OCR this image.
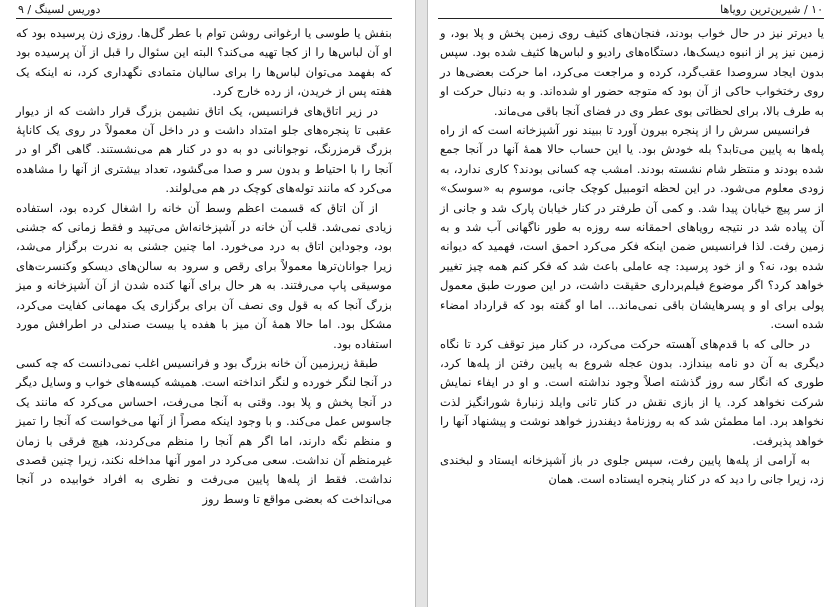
دوریس لسینگ / ۹

بنفش یا طوسی یا ارغوانی روشن توام با عطر گل‌ها. روزی زن پرسیده بود که او آن لباس‌ها را از کجا تهیه می‌کند؟ البته این سئوال را قبل از آن پرسیده بود که بفهمد می‌توان لباس‌ها را برای سالیان متمادی نگهداری کرد، نه اینکه یک هفته پس از خریدن، از رده خارج کرد.

در زیر اتاق‌های فرانسیس، یک اتاق نشیمن بزرگ قرار داشت که از دیوار عقبی تا پنجره‌های جلو امتداد داشت و در داخل آن معمولاً در روی یک کاناپهٔ بزرگ قرمزرنگ، نوجوانانی دو به دو در کنار هم می‌نشستند. گاهی اگر او در آنجا را با احتیاط و بدون سر و صدا می‌گشود، تعداد بیشتری از آنها را مشاهده می‌کرد که مانند توله‌های کوچک در هم می‌لولند.

از آن اتاق که قسمت اعظم وسط آن خانه را اشغال کرده بود، استفاده زیادی نمی‌شد. قلب آن خانه در آشپزخانه‌اش می‌تپید و فقط زمانی که جشنی بود، وجوداین اتاق به درد می‌خورد. اما چنین جشنی به ندرت برگزار می‌شد، زیرا جوانان‌ترها معمولاً برای رقص و سرود به سالن‌های دیسکو وکنسرت‌های موسیقی پاپ می‌رفتند. به هر حال برای آنها کنده شدن از آن آشپزخانه و میز بزرگ آنجا که به قول وی نصف آن برای برگزاری یک مهمانی کفایت می‌کرد، مشکل بود. اما حالا همهٔ آن میز با هفده یا بیست صندلی در اطرافش مورد استفاده بود.

طبقهٔ زیرزمین آن خانه بزرگ بود و فرانسیس اغلب نمی‌دانست که چه کسی در آنجا لنگر خورده و لنگر انداخته است. همیشه کیسه‌های خواب و وسایل دیگر در آنجا پخش و پلا بود. وقتی به آنجا می‌رفت، احساس می‌کرد که مانند یک جاسوس عمل می‌کند. و با وجود اینکه مصراً از آنها می‌خواست که آنجا را تمیز و منظم نگه دارند، اما اگر هم آنجا را منظم می‌کردند، هیچ فرقی با زمان غیرمنظم آن نداشت. سعی می‌کرد در امور آنها مداخله نکند، زیرا چنین قصدی نداشت. فقط از پله‌ها پایین می‌رفت و نظری به افراد خوابیده در آنجا می‌انداخت که بعضی مواقع تا وسط روز

۱۰ / شیرین‌ترین رویاها

یا دیرتر نیز در حال خواب بودند، فنجان‌های کثیف روی زمین پخش و پلا بود، و زمین نیز پر از انبوه دیسک‌ها، دستگاه‌های رادیو و لباس‌ها کثیف شده بود. سپس بدون ایجاد سروصدا عقب‌گرد، کرده و مراجعت می‌کرد، اما حرکت بعضی‌ها در روی رختخواب حاکی از آن بود که متوجه حضور او شده‌اند. و به دنبال حرکت او به طرف بالا، برای لحظاتی بوی عطر وی در فضای آنجا باقی می‌ماند.

فرانسیس سرش را از پنجره بیرون آورد تا ببیند نور آشپزخانه است که از راه پله‌ها به پایین می‌تابد؟ بله خودش بود. یا این حساب حالا همهٔ آنها در آنجا جمع شده بودند و منتظر شام نشسته بودند. امشب چه کسانی بودند؟ کاری ندارد، به زودی معلوم می‌شود. در این لحظه اتومبیل کوچک جانی، موسوم به «سوسک» از سر پیچ خیابان پیدا شد. و کمی آن طرفتر در کنار خیابان پارک شد و جانی از آن پیاده شد در نتیجه رویاهای احمقانه سه روزه به طور ناگهانی آب شد و به زمین رفت. لذا فرانسیس ضمن اینکه فکر می‌کرد احمق است، فهمید که دیوانه شده بود، نه؟ و از خود پرسید: چه عاملی باعث شد که فکر کنم همه چیز تغییر خواهد کرد؟ اگر موضوع فیلم‌برداری حقیقت داشت، در این صورت طبق معمول پولی برای او و پسرهایشان باقی نمی‌ماند... اما او گفته بود که قرارداد امضاء شده است.

در حالی که با قدم‌های آهسته حرکت می‌کرد، در کنار میز توقف کرد تا نگاه دیگری به آن دو نامه بیندازد. بدون عجله شروع به پایین رفتن از پله‌ها کرد، طوری که انگار سه روز گذشته اصلاً وجود نداشته است. و او در ایفاء نمایش شرکت نخواهد کرد. یا از بازی نقش در کنار تانی وایلد زنبارهٔ شورانگیز لذت نخواهد برد. اما مطمئن شد که به روزنامهٔ دیفندرز خواهد نوشت و پیشنهاد آنها را خواهد پذیرفت.

به آرامی از پله‌ها پایین رفت، سپس جلوی در باز آشپزخانه ایستاد و لبخندی زد، زیرا جانی را دید که در کنار پنجره ایستاده است. همان
